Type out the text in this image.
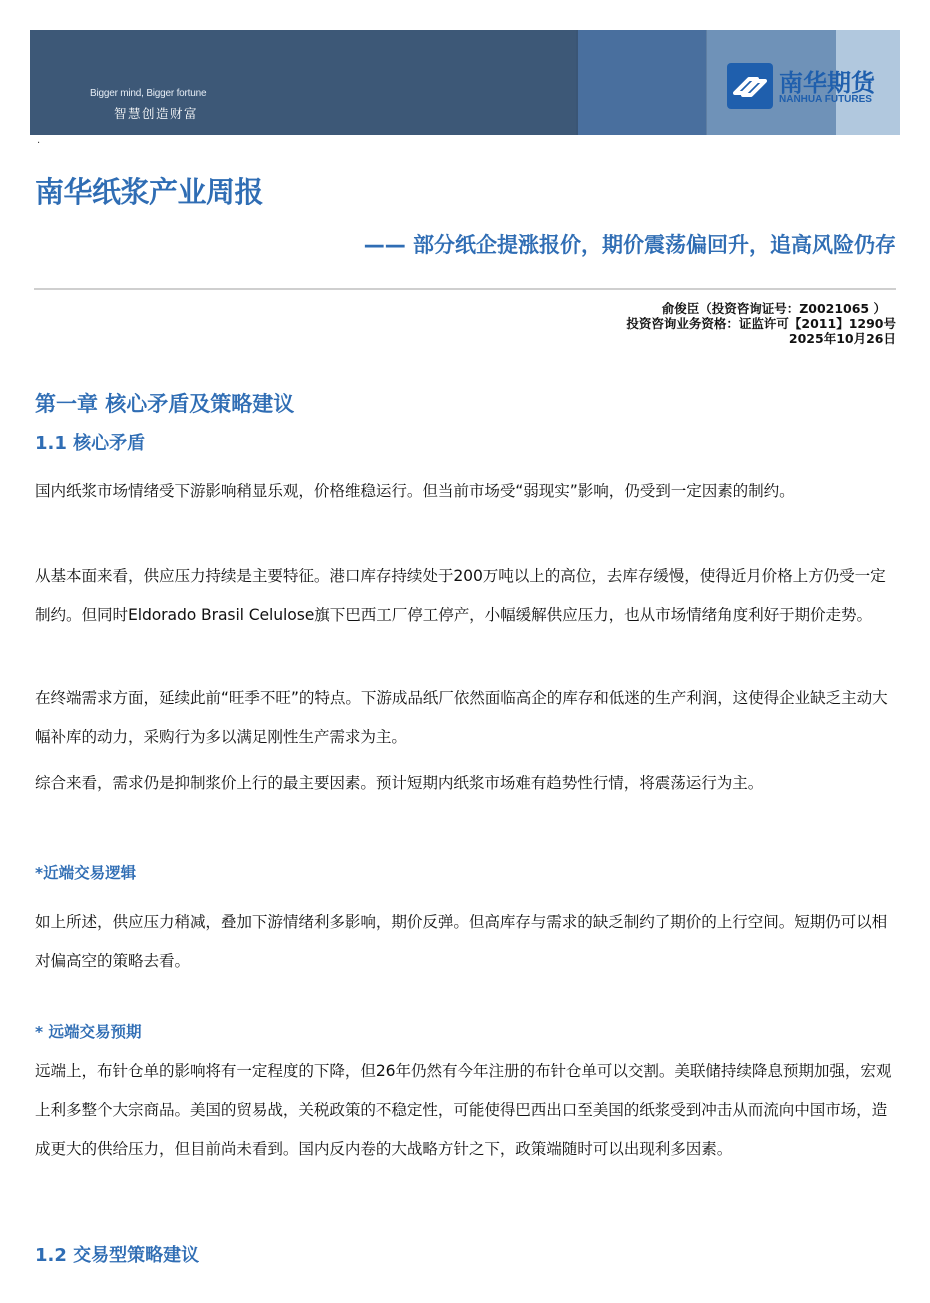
Bigger mind, Bigger fortune
智慧创造财富
南华期货
NANHUA FUTURES
·
南华纸浆产业周报
—— 部分纸企提涨报价，期价震荡偏回升，追高风险仍存
俞俊臣（投资咨询证号：Z0021065 ）
投资咨询业务资格：证监许可【2011】1290号
2025年10月26日
第一章 核心矛盾及策略建议
1.1 核心矛盾

国内纸浆市场情绪受下游影响稍显乐观，价格维稳运行。但当前市场受“弱现实”影响，仍受到一定因素的制约。

从基本面来看，供应压力持续是主要特征。港口库存持续处于200万吨以上的高位，去库存缓慢，使得近月价格上方仍受一定制约。但同时Eldorado Brasil Celulose旗下巴西工厂停工停产，小幅缓解供应压力，也从市场情绪角度利好于期价走势。

在终端需求方面，延续此前“旺季不旺”的特点。下游成品纸厂依然面临高企的库存和低迷的生产利润，这使得企业缺乏主动大幅补库的动力，采购行为多以满足刚性生产需求为主。

综合来看，需求仍是抑制浆价上行的最主要因素。预计短期内纸浆市场难有趋势性行情，将震荡运行为主。

*近端交易逻辑

如上所述，供应压力稍减，叠加下游情绪利多影响，期价反弹。但高库存与需求的缺乏制约了期价的上行空间。短期仍可以相对偏高空的策略去看。

* 远端交易预期

远端上，布针仓单的影响将有一定程度的下降，但26年仍然有今年注册的布针仓单可以交割。美联储持续降息预期加强，宏观上利多整个大宗商品。美国的贸易战，关税政策的不稳定性，可能使得巴西出口至美国的纸浆受到冲击从而流向中国市场，造成更大的供给压力，但目前尚未看到。国内反内卷的大战略方针之下，政策端随时可以出现利多因素。

1.2 交易型策略建议
